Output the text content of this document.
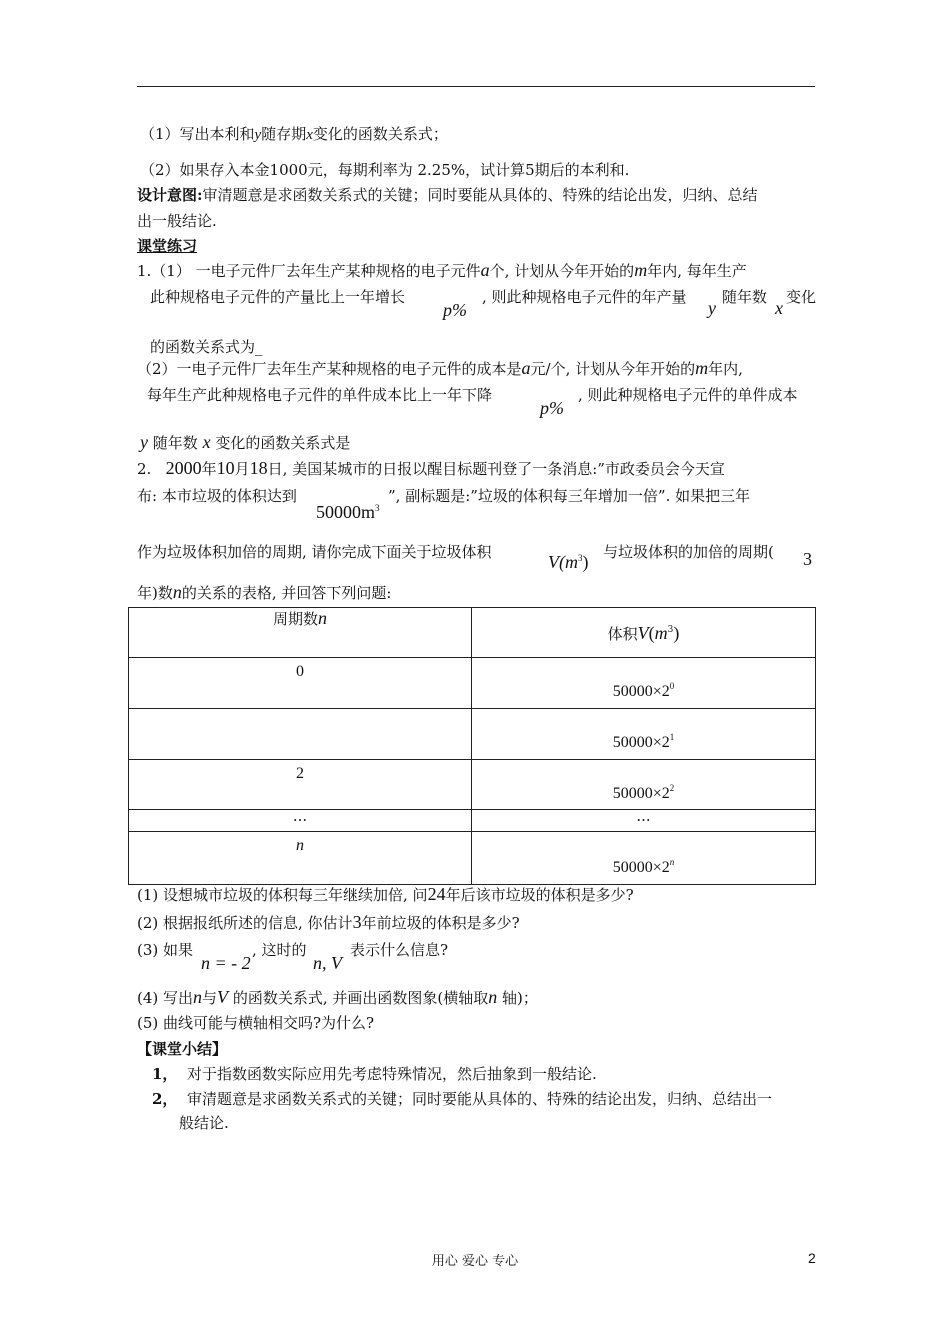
（1）写出本利和y随存期x变化的函数关系式；
（2）如果存入本金1000元，每期利率为 2.25%，试计算5期后的本利和.
设计意图:审清题意是求函数关系式的关键；同时要能从具体的、特殊的结论出发，归纳、总结
出一般结论.
课堂练习
1.（1） 一电子元件厂去年生产某种规格的电子元件a个, 计划从今年开始的m年内, 每年生产
此种规格电子元件的产量比上一年增长
p%
, 则此种规格电子元件的年产量
y
随年数
x
变化
的函数关系式为_
（2）一电子元件厂去年生产某种规格的电子元件的成本是a元/个, 计划从今年开始的m年内,
每年生产此种规格电子元件的单件成本比上一年下降
p%
, 则此种规格电子元件的单件成本
y 随年数 x 变化的函数关系式是
2. 2000年10月18日, 美国某城市的日报以醒目标题刊登了一条消息:”市政委员会今天宣
布: 本市垃圾的体积达到
$50000m^3$
”, 副标题是:”垃圾的体积每三年增加一倍”. 如果把三年
作为垃圾体积加倍的周期, 请你完成下面关于垃圾体积	$V(m^3)$ 与垃圾体积的加倍的周期( 3
年)数n的关系的表格, 并回答下列问题:
周期数n	体积$V(m^3)$

0	$50000\times 2^0$

	$50000\times 2^1$

2	$50000\times 2^2$

···	···

n	$50000\times 2^n$
(1) 设想城市垃圾的体积每三年继续加倍, 问24年后该市垃圾的体积是多少?
(2) 根据报纸所述的信息, 你估计3年前垃圾的体积是多少?
(3) 如果
n = - 2
, 这时的
n, V
表示什么信息?
(4) 写出n与V 的函数关系式, 并画出函数图象(横轴取n 轴)；
(5) 曲线可能与横轴相交吗?为什么?
【课堂小结】
1， 对于指数函数实际应用先考虑特殊情况，然后抽象到一般结论.
2， 审清题意是求函数关系式的关键；同时要能从具体的、特殊的结论出发，归纳、总结出一
般结论.
用心 爱心 专心	2
